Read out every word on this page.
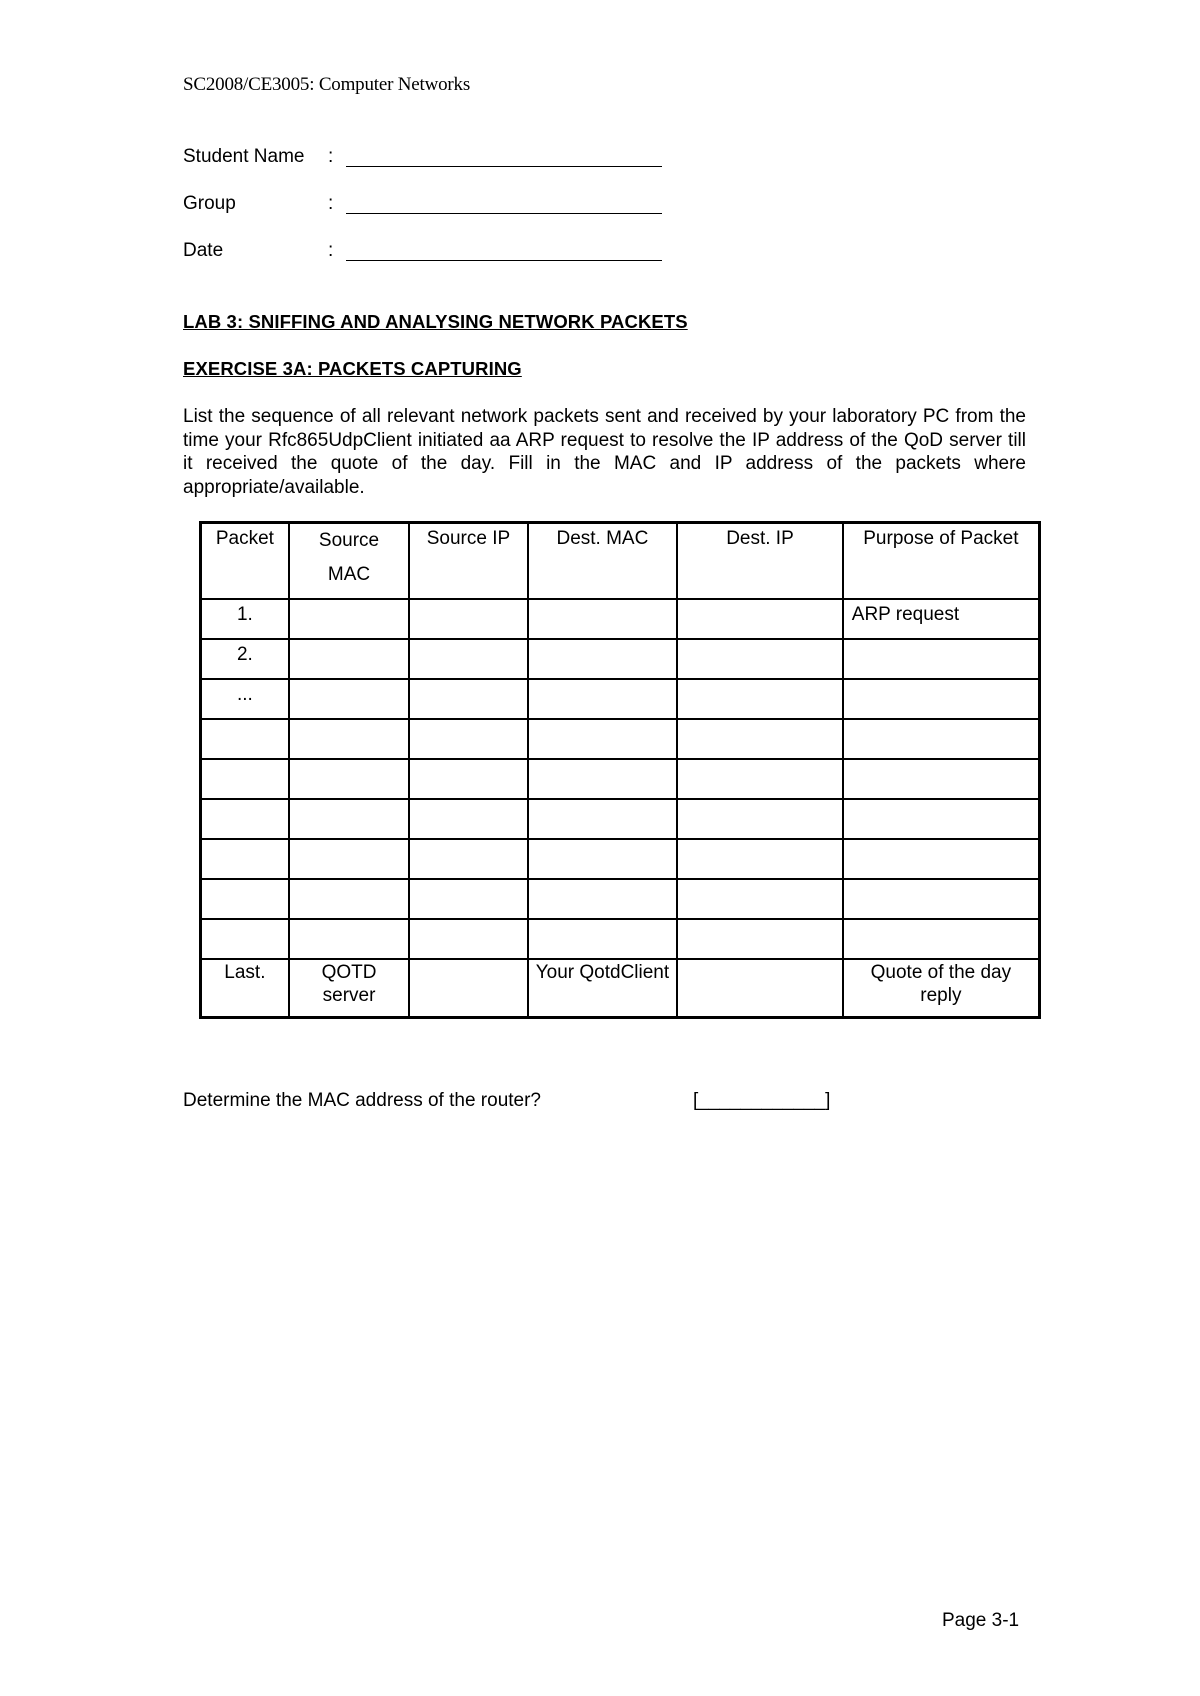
SC2008/CE3005: Computer Networks
Student Name :
Group	:
Date	:
LAB 3: SNIFFING AND ANALYSING NETWORK PACKETS
EXERCISE 3A: PACKETS CAPTURING
List the sequence of all relevant network packets sent and received by your laboratory PC from the time your Rfc865UdpClient initiated aa ARP request to resolve the IP address of the QoD server till it received the quote of the day. Fill in the MAC and IP address of the packets where appropriate/available.
Packet	Source MAC	Source IP	Dest. MAC	Dest. IP	Purpose of Packet
1.					ARP request
2.					
...					

Last.	QOTD server		Your QotdClient		Quote of the day reply
Determine the MAC address of the router?	[____________]
Page 3-1
